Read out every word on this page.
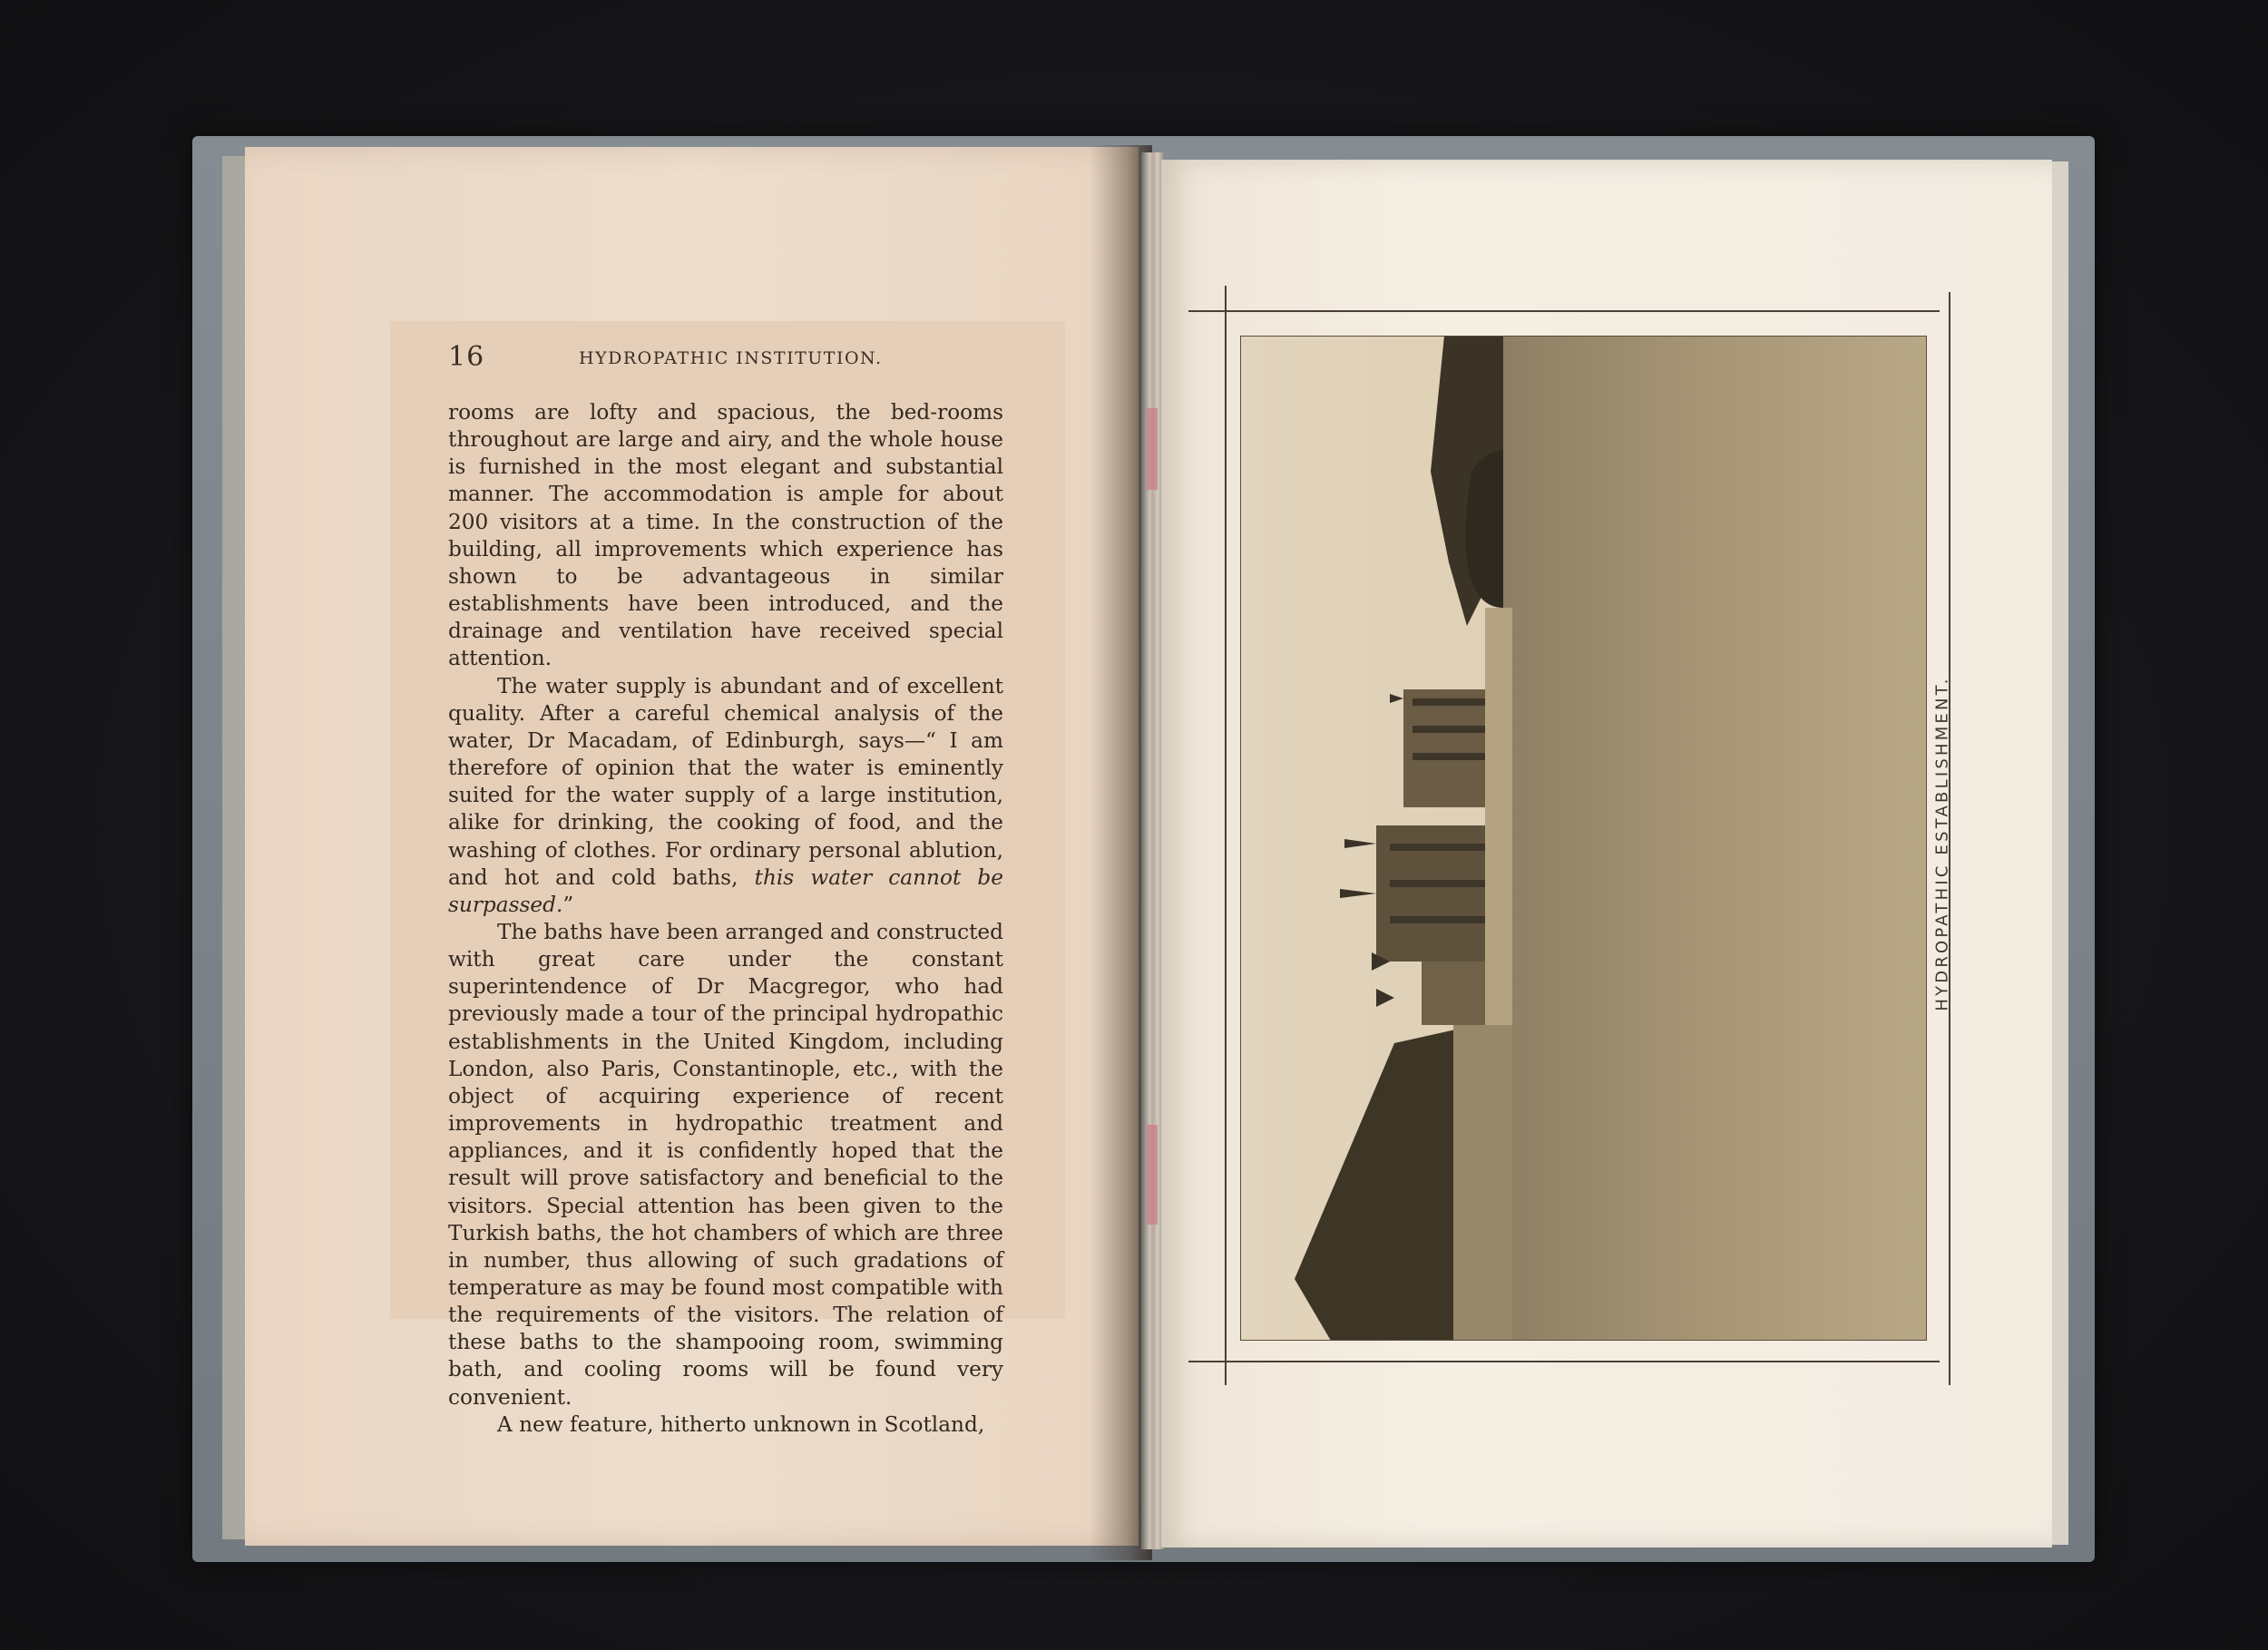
16	HYDROPATHIC INSTITUTION.

rooms are lofty and spacious, the bed-rooms throughout are large and airy, and the whole house is furnished in the most elegant and substantial manner. The accommodation is ample for about 200 visitors at a time. In the construction of the building, all improvements which experience has shown to be advantageous in similar establishments have been introduced, and the drainage and ventilation have received special attention.

The water supply is abundant and of excellent quality. After a careful chemical analysis of the water, Dr Macadam, of Edinburgh, says—“ I am therefore of opinion that the water is eminently suited for the water supply of a large institution, alike for drinking, the cooking of food, and the washing of clothes. For ordinary personal ablution, and hot and cold baths, this water cannot be surpassed.”

The baths have been arranged and constructed with great care under the constant superintendence of Dr Macgregor, who had previously made a tour of the principal hydropathic establishments in the United Kingdom, including London, also Paris, Constantinople, etc., with the object of acquiring experience of recent improvements in hydropathic treatment and appliances, and it is confidently hoped that the result will prove satisfactory and beneficial to the visitors. Special attention has been given to the Turkish baths, the hot chambers of which are three in number, thus allowing of such gradations of temperature as may be found most compatible with the requirements of the visitors. The relation of these baths to the shampooing room, swimming bath, and cooling rooms will be found very convenient.

A new feature, hitherto unknown in Scotland,

HYDROPATHIC ESTABLISHMENT.
